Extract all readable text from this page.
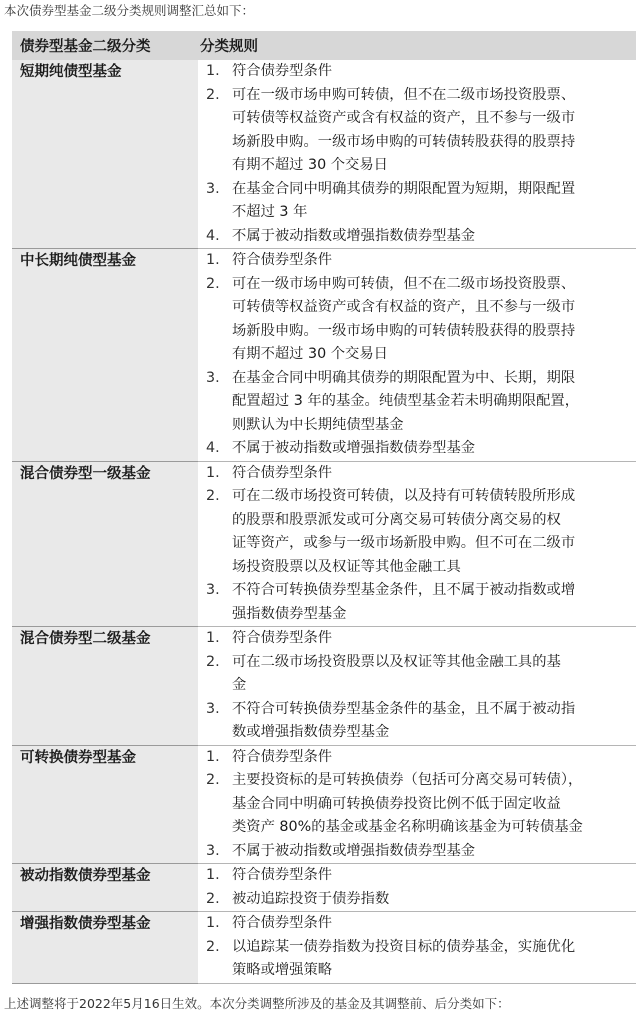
本次债券型基金二级分类规则调整汇总如下：
债券型基金二级分类	分类规则
短期纯债型基金	1. 符合债券型条件
2. 可在一级市场申购可转债，但不在二级市场投资股票、
可转债等权益资产或含有权益的资产，且不参与一级市
场新股申购。一级市场申购的可转债转股获得的股票持
有期不超过 30 个交易日
3. 在基金合同中明确其债券的期限配置为短期，期限配置
不超过 3 年
4. 不属于被动指数或增强指数债券型基金
中长期纯债型基金	1. 符合债券型条件
2. 可在一级市场申购可转债，但不在二级市场投资股票、
可转债等权益资产或含有权益的资产，且不参与一级市
场新股申购。一级市场申购的可转债转股获得的股票持
有期不超过 30 个交易日
3. 在基金合同中明确其债券的期限配置为中、长期，期限
配置超过 3 年的基金。纯债型基金若未明确期限配置，
则默认为中长期纯债型基金
4. 不属于被动指数或增强指数债券型基金
混合债券型一级基金	1. 符合债券型条件
2. 可在二级市场投资可转债，以及持有可转债转股所形成
的股票和股票派发或可分离交易可转债分离交易的权
证等资产，或参与一级市场新股申购。但不可在二级市
场投资股票以及权证等其他金融工具
3. 不符合可转换债券型基金条件，且不属于被动指数或增
强指数债券型基金
混合债券型二级基金	1. 符合债券型条件
2. 可在二级市场投资股票以及权证等其他金融工具的基
金
3. 不符合可转换债券型基金条件的基金，且不属于被动指
数或增强指数债券型基金
可转换债券型基金	1. 符合债券型条件
2. 主要投资标的是可转换债券（包括可分离交易可转债），
基金合同中明确可转换债券投资比例不低于固定收益
类资产 80%的基金或基金名称明确该基金为可转债基金
3. 不属于被动指数或增强指数债券型基金
被动指数债券型基金	1. 符合债券型条件
2. 被动追踪投资于债券指数
增强指数债券型基金	1. 符合债券型条件
2. 以追踪某一债券指数为投资目标的债券基金，实施优化
策略或增强策略
上述调整将于2022年5月16日生效。本次分类调整所涉及的基金及其调整前、后分类如下：
